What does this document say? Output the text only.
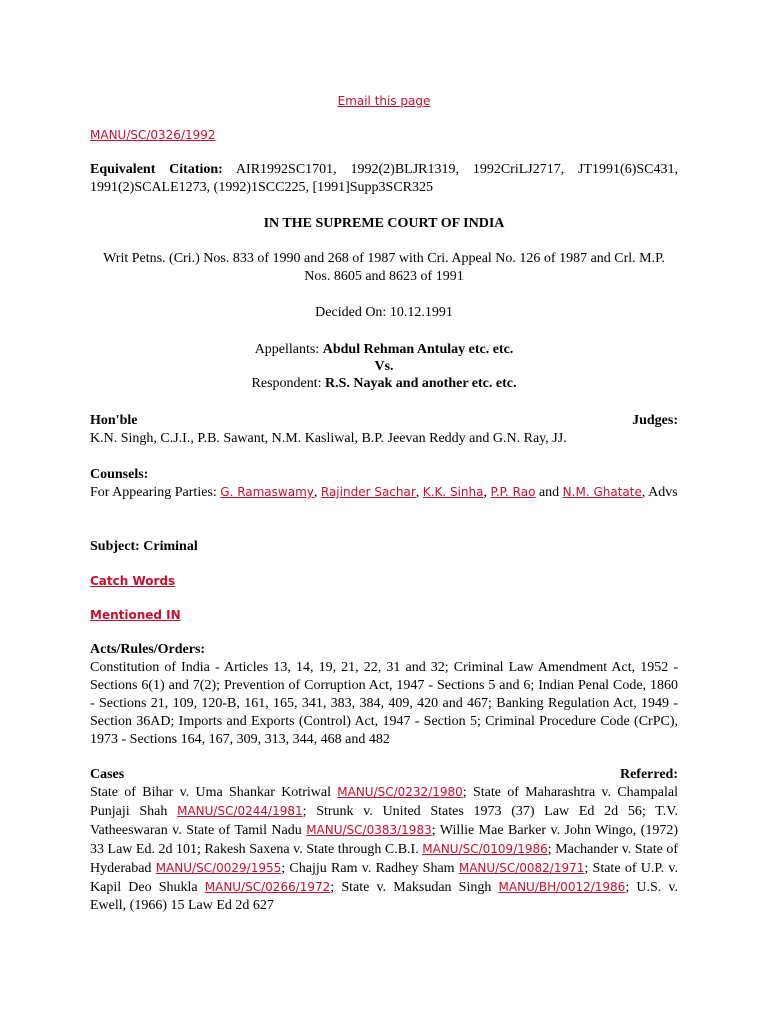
Email this page
MANU/SC/0326/1992

Equivalent Citation: AIR1992SC1701, 1992(2)BLJR1319, 1992CriLJ2717, JT1991(6)SC431, 1991(2)SCALE1273, (1992)1SCC225, [1991]Supp3SCR325

IN THE SUPREME COURT OF INDIA

Writ Petns. (Cri.) Nos. 833 of 1990 and 268 of 1987 with Cri. Appeal No. 126 of 1987 and Crl. M.P. Nos. 8605 and 8623 of 1991

Decided On: 10.12.1991

Appellants: Abdul Rehman Antulay etc. etc.

Vs.

Respondent: R.S. Nayak and another etc. etc.

Hon'ble	Judges:

K.N. Singh, C.J.I., P.B. Sawant, N.M. Kasliwal, B.P. Jeevan Reddy and G.N. Ray, JJ.

Counsels:

For Appearing Parties: G. Ramaswamy, Rajinder Sachar, K.K. Sinha, P.P. Rao and N.M. Ghatate, Advs

Subject: Criminal

Catch Words
Mentioned IN

Acts/Rules/Orders:

Constitution of India - Articles 13, 14, 19, 21, 22, 31 and 32; Criminal Law Amendment Act, 1952 - Sections 6(1) and 7(2); Prevention of Corruption Act, 1947 - Sections 5 and 6; Indian Penal Code, 1860 - Sections 21, 109, 120-B, 161, 165, 341, 383, 384, 409, 420 and 467; Banking Regulation Act, 1949 - Section 36AD; Imports and Exports (Control) Act, 1947 - Section 5; Criminal Procedure Code (CrPC), 1973 - Sections 164, 167, 309, 313, 344, 468 and 482

Cases	Referred:

State of Bihar v. Uma Shankar Kotriwal MANU/SC/0232/1980; State of Maharashtra v. Champalal Punjaji Shah MANU/SC/0244/1981; Strunk v. United States 1973 (37) Law Ed 2d 56; T.V. Vatheeswaran v. State of Tamil Nadu MANU/SC/0383/1983; Willie Mae Barker v. John Wingo, (1972) 33 Law Ed. 2d 101; Rakesh Saxena v. State through C.B.I. MANU/SC/0109/1986; Machander v. State of Hyderabad MANU/SC/0029/1955; Chajju Ram v. Radhey Sham MANU/SC/0082/1971; State of U.P. v. Kapil Deo Shukla MANU/SC/0266/1972; State v. Maksudan Singh MANU/BH/0012/1986; U.S. v. Ewell, (1966) 15 Law Ed 2d 627
